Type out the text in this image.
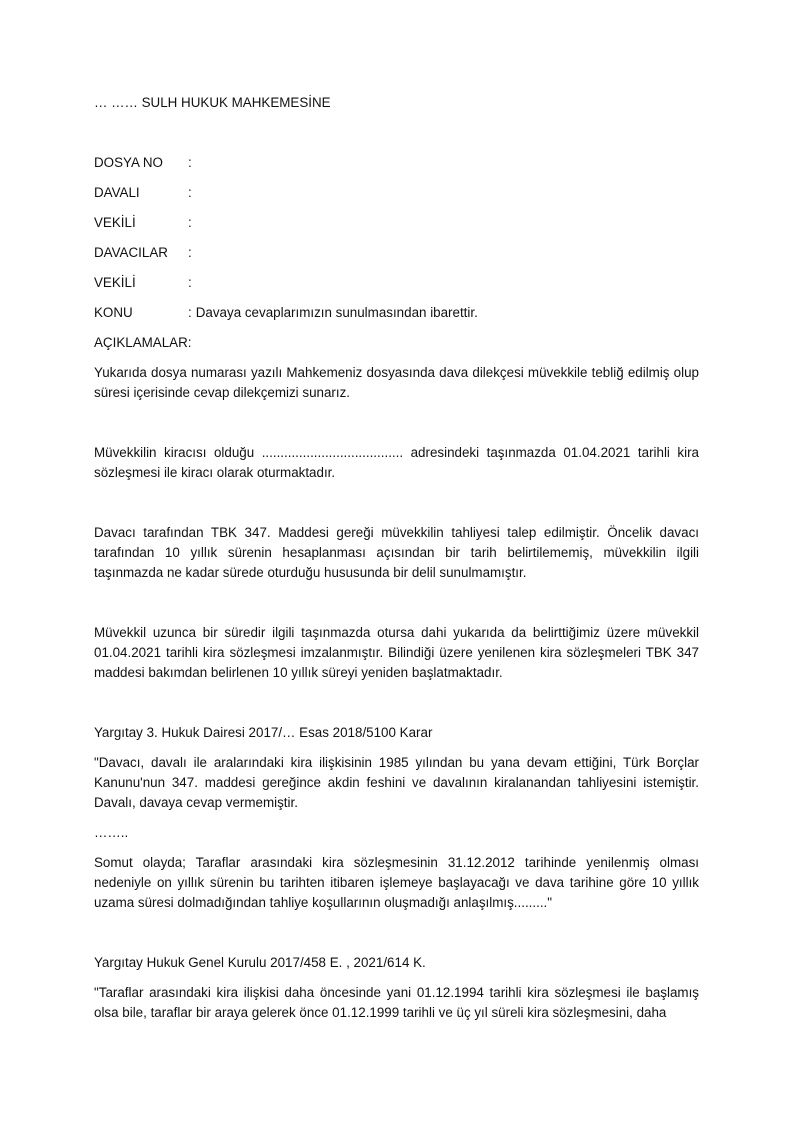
… …… SULH HUKUK MAHKEMESİNE
DOSYA NO	:
DAVALI	:
VEKİLİ	:
DAVACILAR	:
VEKİLİ	:
KONU	: Davaya cevaplarımızın sunulmasından ibarettir.
AÇIKLAMALAR:

Yukarıda dosya numarası yazılı Mahkemeniz dosyasında dava dilekçesi müvekkile tebliğ edilmiş olup süresi içerisinde cevap dilekçemizi sunarız.

Müvekkilin kiracısı olduğu ...................................... adresindeki taşınmazda 01.04.2021 tarihli kira sözleşmesi ile kiracı olarak oturmaktadır.

Davacı tarafından TBK 347. Maddesi gereği müvekkilin tahliyesi talep edilmiştir. Öncelik davacı tarafından 10 yıllık sürenin hesaplanması açısından bir tarih belirtilememiş, müvekkilin ilgili taşınmazda ne kadar sürede oturduğu hususunda bir delil sunulmamıştır.

Müvekkil uzunca bir süredir ilgili taşınmazda otursa dahi yukarıda da belirttiğimiz üzere müvekkil 01.04.2021 tarihli kira sözleşmesi imzalanmıştır. Bilindiği üzere yenilenen kira sözleşmeleri TBK 347 maddesi bakımdan belirlenen 10 yıllık süreyi yeniden başlatmaktadır.

Yargıtay 3. Hukuk Dairesi 2017/… Esas 2018/5100 Karar

"Davacı, davalı ile aralarındaki kira ilişkisinin 1985 yılından bu yana devam ettiğini, Türk Borçlar Kanunu'nun 347. maddesi gereğince akdin feshini ve davalının kiralanandan tahliyesini istemiştir. Davalı, davaya cevap vermemiştir.

……..

Somut olayda; Taraflar arasındaki kira sözleşmesinin 31.12.2012 tarihinde yenilenmiş olması nedeniyle on yıllık sürenin bu tarihten itibaren işlemeye başlayacağı ve dava tarihine göre 10 yıllık uzama süresi dolmadığından tahliye koşullarının oluşmadığı anlaşılmış........."

Yargıtay Hukuk Genel Kurulu 2017/458 E. , 2021/614 K.

"Taraflar arasındaki kira ilişkisi daha öncesinde yani 01.12.1994 tarihli kira sözleşmesi ile başlamış olsa bile, taraflar bir araya gelerek önce 01.12.1999 tarihli ve üç yıl süreli kira sözleşmesini, daha
